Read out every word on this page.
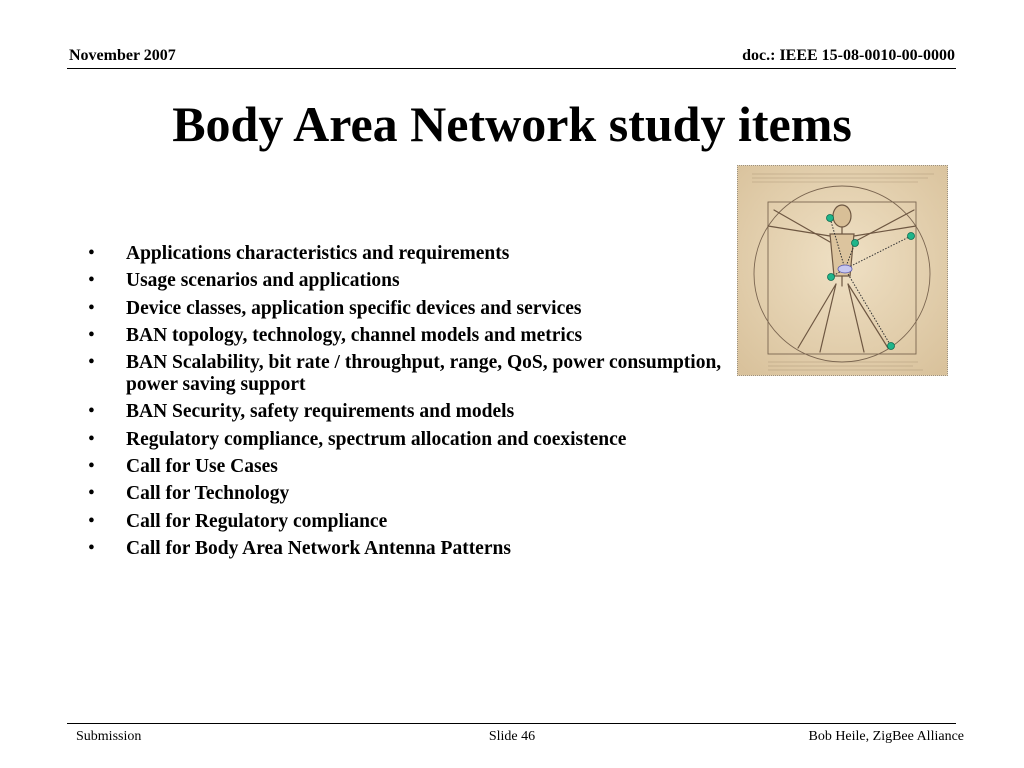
November 2007	doc.: IEEE 15-08-0010-00-0000
Body Area Network study items
• Applications characteristics and requirements
• Usage scenarios and applications
• Device classes, application specific devices and services
• BAN topology, technology, channel models and metrics
• BAN Scalability, bit rate / throughput, range, QoS, power consumption, power saving support
• BAN Security, safety requirements and models
• Regulatory compliance, spectrum allocation and coexistence
• Call for Use Cases
• Call for Technology
• Call for Regulatory compliance
• Call for Body Area Network Antenna Patterns
Submission	Slide 46	Bob Heile, ZigBee Alliance
